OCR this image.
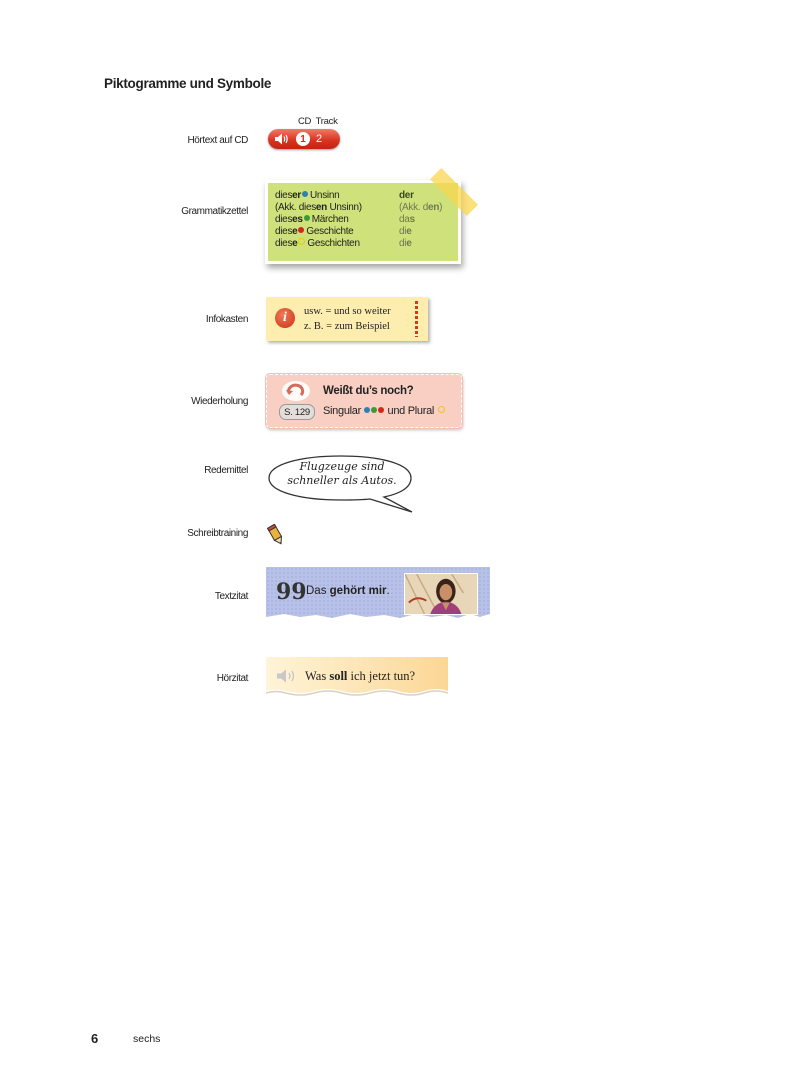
Piktogramme und Symbole
Hörtext auf CD
Grammatikzettel
Infokasten
Wiederholung
Redemittel
Schreibtraining
Textzitat
Hörzitat
CD  Track
1 2
dieser Unsinn	der
(Akk. diesen Unsinn)	(Akk. den)
dieses Märchen	das
diese Geschichte	die
diese Geschichten	die
i	usw. = und so weiter
z. B. = zum Beispiel
Weißt du’s noch?
S. 129	Singular und Plural
Flugzeuge sind
schneller als Autos.
99 Das gehört mir.
Was soll ich jetzt tun?
6	sechs
